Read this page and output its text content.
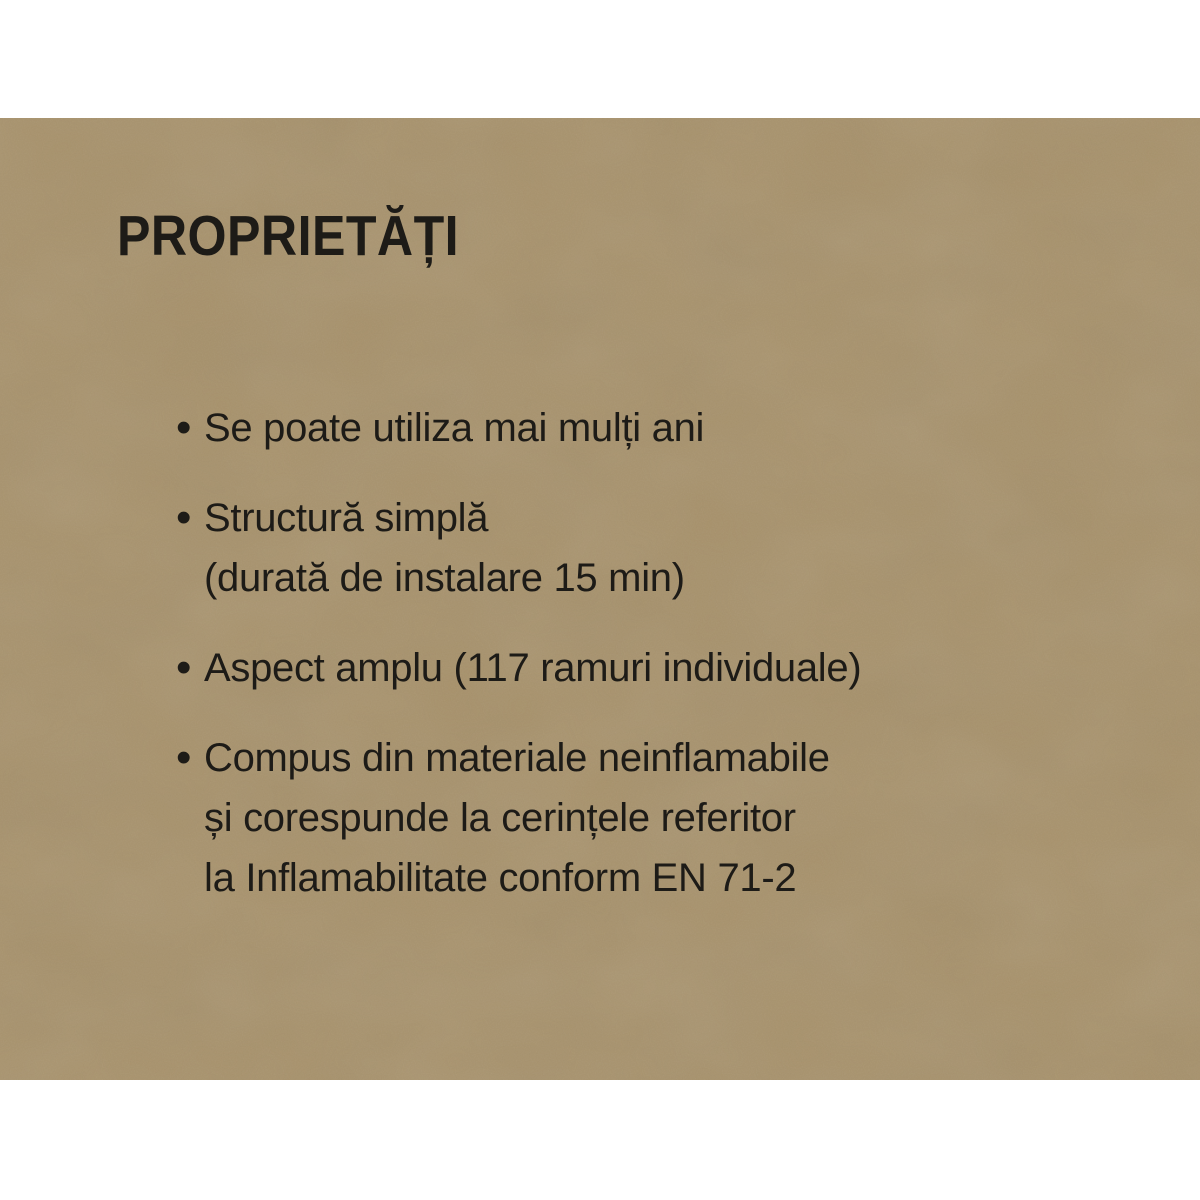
PROPRIETĂȚI
• Se poate utiliza mai mulți ani
• Structură simplă
(durată de instalare 15 min)
• Aspect amplu (117 ramuri individuale)
• Compus din materiale neinflamabile
și corespunde la cerințele referitor
la Inflamabilitate conform EN 71-2
